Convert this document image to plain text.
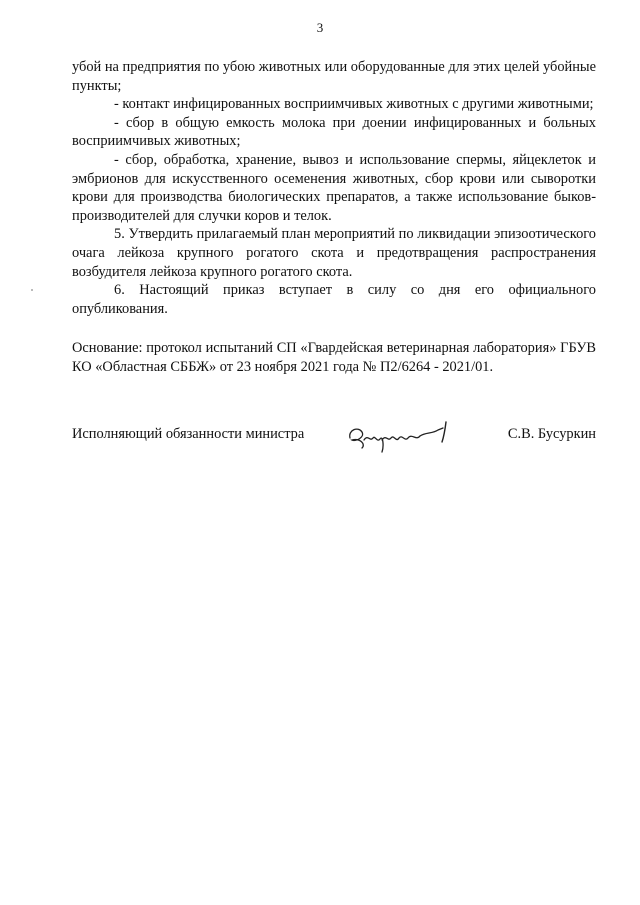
3

убой на предприятия по убою животных или оборудованные для этих целей убойные пункты;

- контакт инфицированных восприимчивых животных с другими животными;

- сбор в общую емкость молока при доении инфицированных и больных восприимчивых животных;

- сбор, обработка, хранение, вывоз и использование спермы, яйцеклеток и эмбрионов для искусственного осеменения животных, сбор крови или сыворотки крови для производства биологических препаратов, а также использование быков-производителей для случки коров и телок.

5. Утвердить прилагаемый план мероприятий по ликвидации эпизоотического очага лейкоза крупного рогатого скота и предотвращения распространения возбудителя лейкоза крупного рогатого скота.

6. Настоящий приказ вступает в силу со дня его официального опубликования.

Основание: протокол испытаний СП «Гвардейская ветеринарная лаборатория» ГБУВ КО «Областная СББЖ» от 23 ноября 2021 года № П2/6264 - 2021/01.
Исполняющий обязанности министра	С.В. Бусуркин
